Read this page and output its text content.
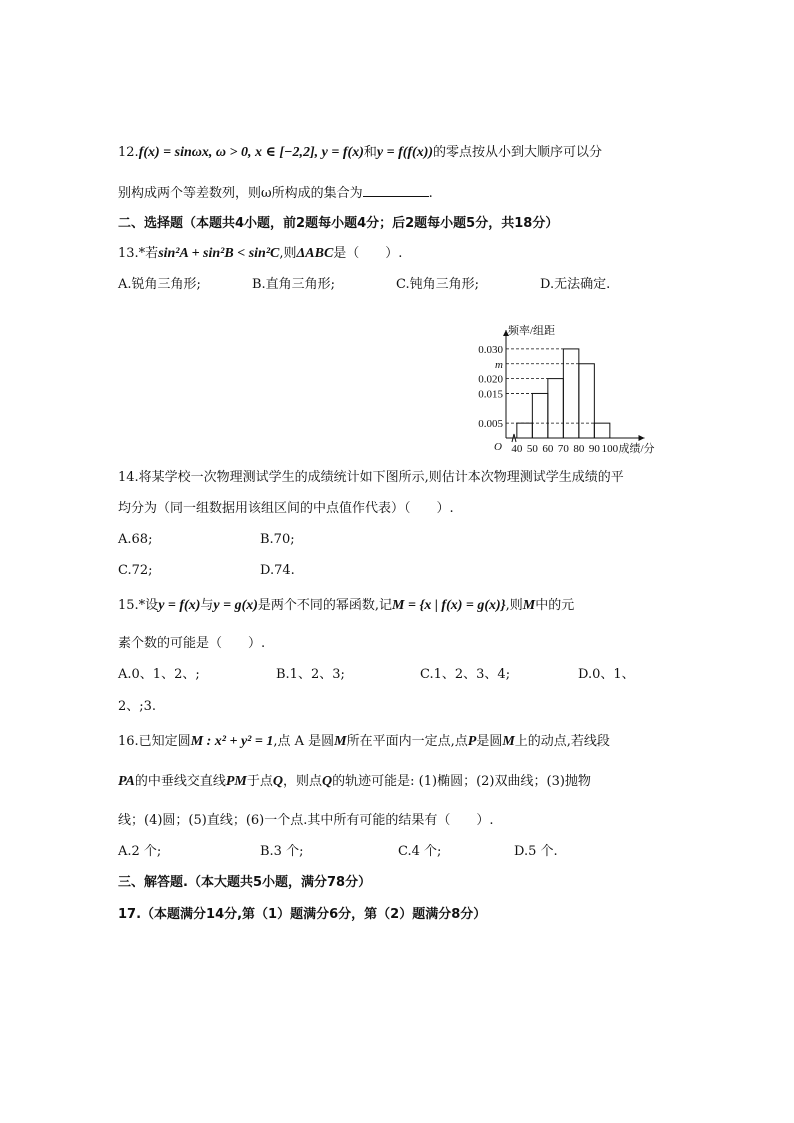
12.f(x) = sinωx, ω > 0, x ∈ [−2,2], y = f(x)和y = f(f(x))的零点按从小到大顺序可以分
别构成两个等差数列，则ω所构成的集合为	.
二、选择题（本题共4小题，前2题每小题4分；后2题每小题5分，共18分）
13.*若sin²A + sin²B < sin²C,则ΔABC是（　　）.
A.锐角三角形;	B.直角三角形;	C.钝角三角形;	D.无法确定.
0.030
m
0.020
0.015
0.005
40 50 60 70 80 90 100
O
频率/组距
成绩/分
14.将某学校一次物理测试学生的成绩统计如下图所示,则估计本次物理测试学生成绩的平
均分为（同一组数据用该组区间的中点值作代表）（　　）.
A.68;	B.70;
C.72;	D.74.
15.*设y = f(x)与y = g(x)是两个不同的幂函数,记M = {x | f(x) = g(x)},则M中的元
素个数的可能是（　　）.
A.0、1、2、;	B.1、2、3;	C.1、2、3、4;	D.0、1、
2、;3.
16.已知定圆M : x² + y² = 1,点 A 是圆M所在平面内一定点,点P是圆M上的动点,若线段
PA的中垂线交直线PM于点Q，则点Q的轨迹可能是: (1)椭圆；(2)双曲线；(3)抛物
线；(4)圆；(5)直线；(6)一个点.其中所有可能的结果有（　　）.
A.2 个;	B.3 个;	C.4 个;	D.5 个.
三、解答题.（本大题共5小题，满分78分）
17.（本题满分14分,第（1）题满分6分，第（2）题满分8分）
